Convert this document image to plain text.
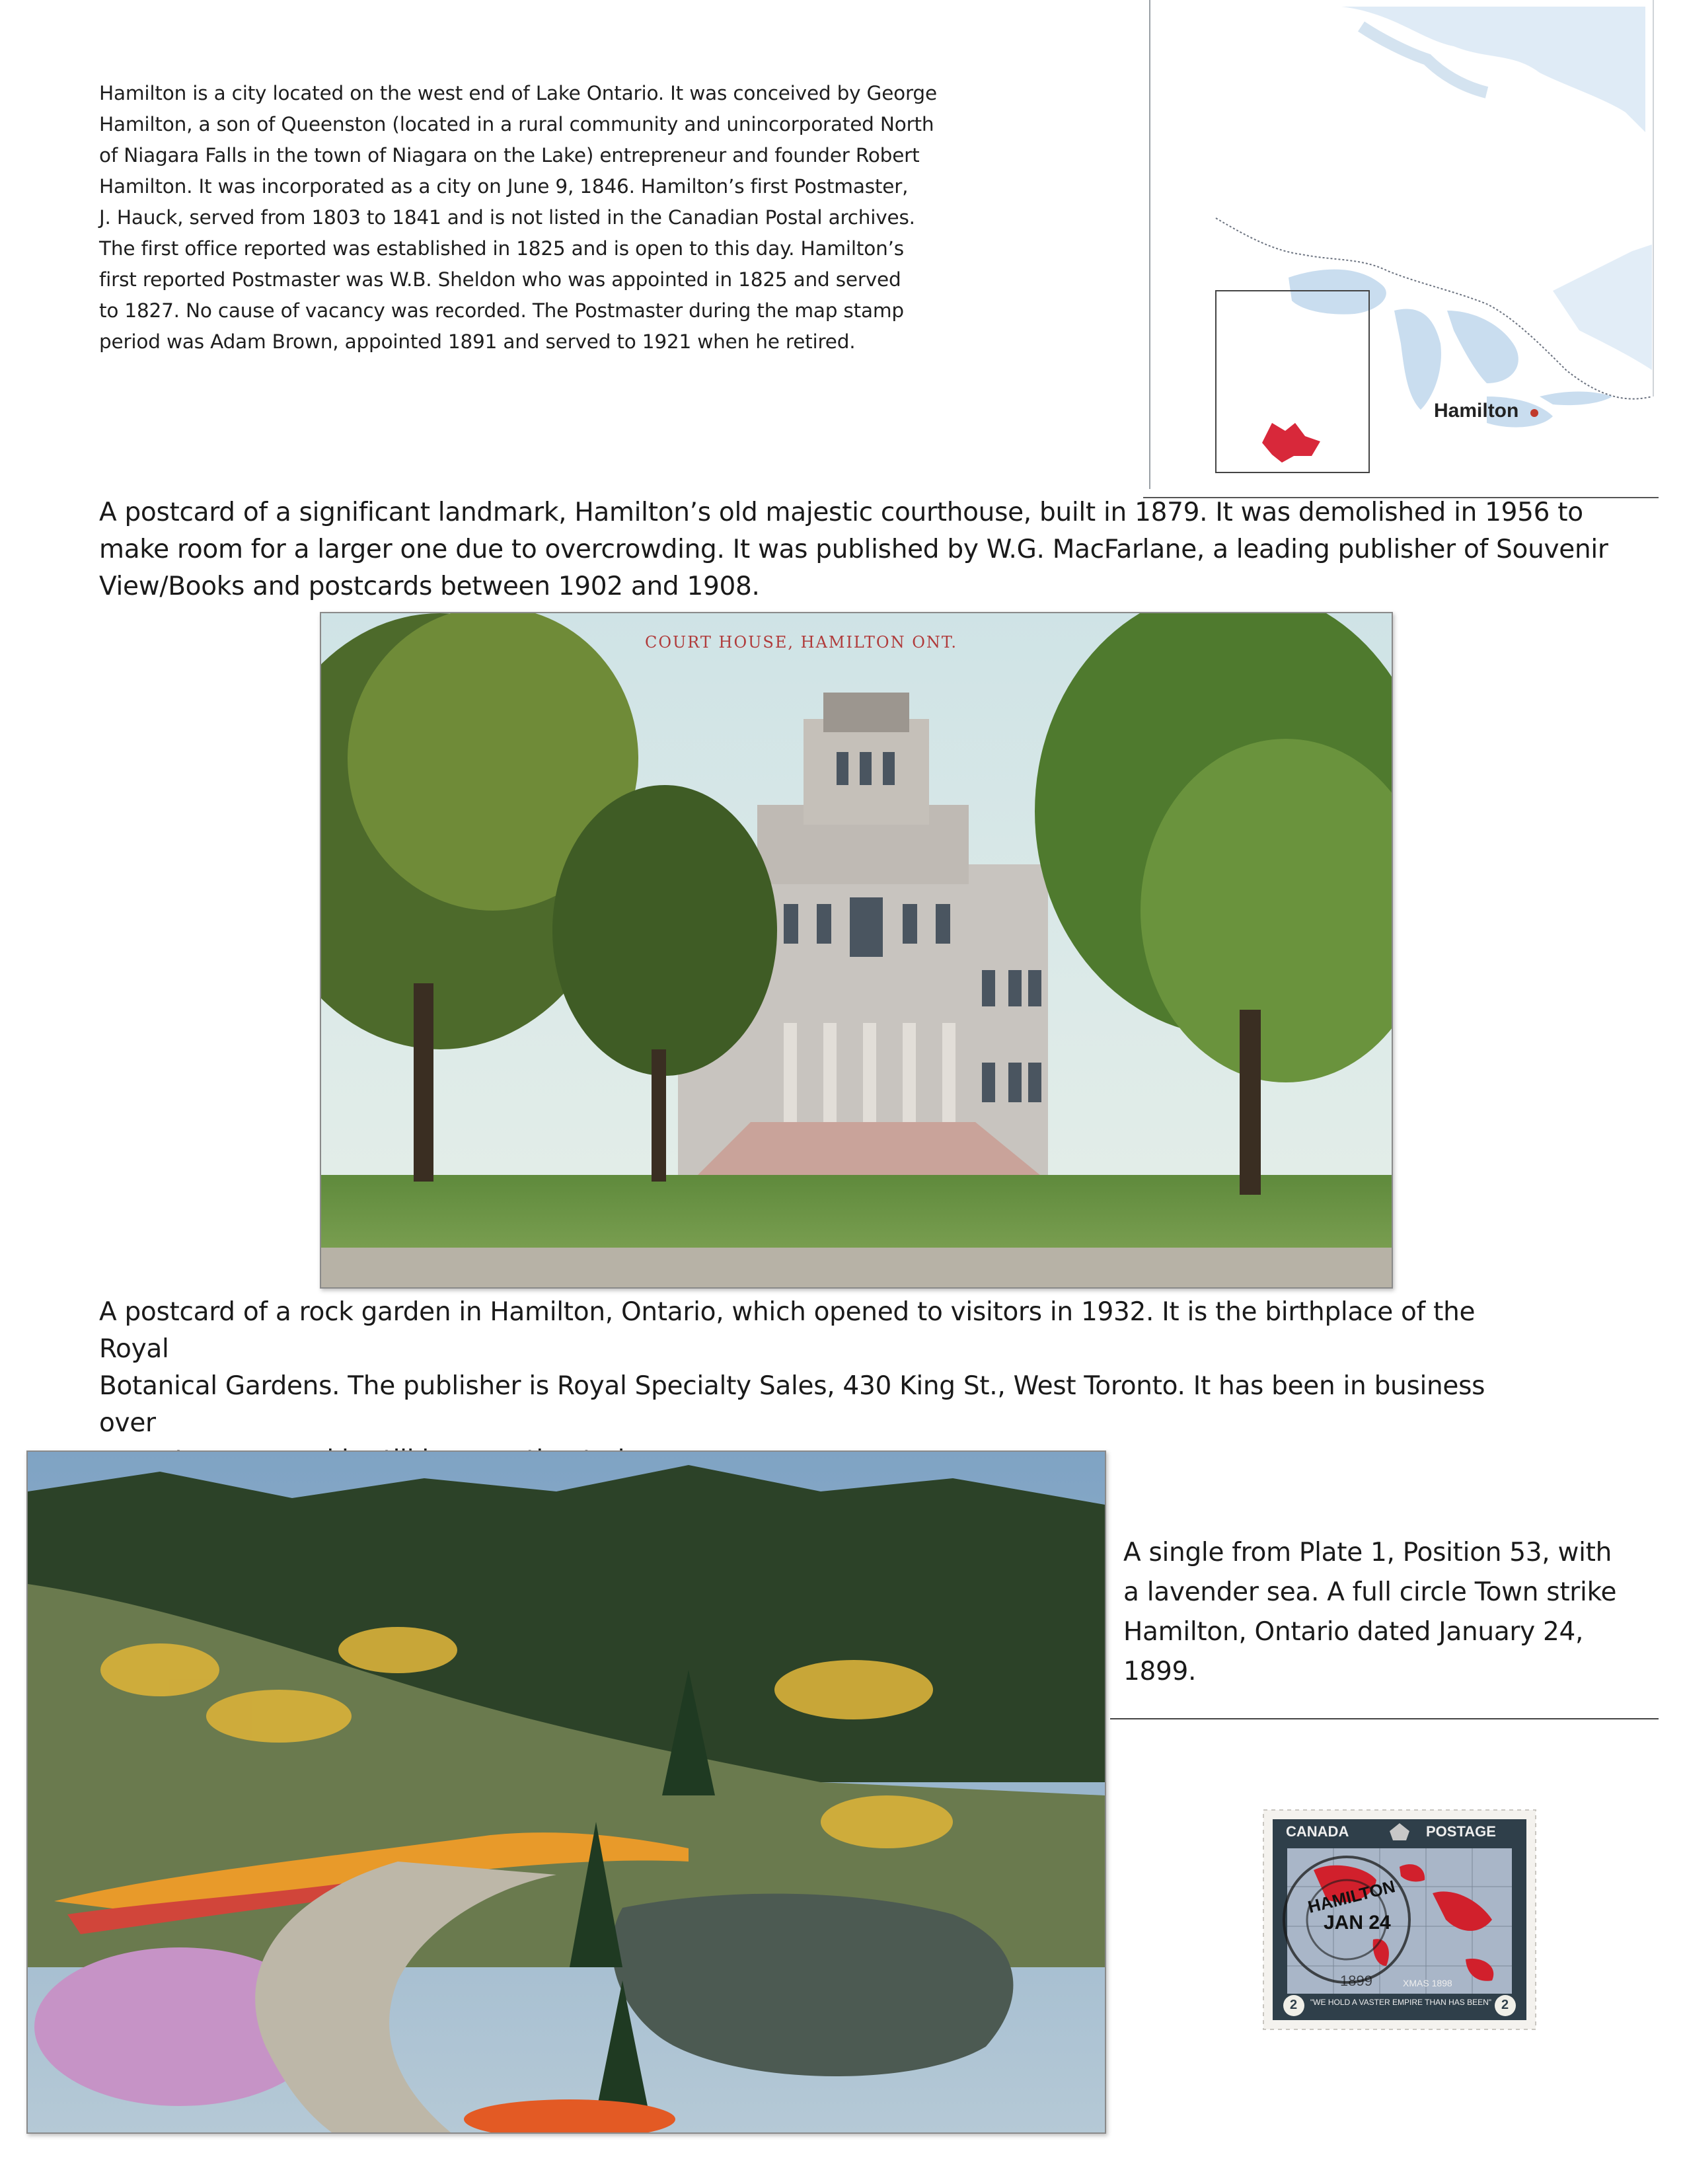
Hamilton is a city located on the west end of Lake Ontario. It was conceived by George
Hamilton, a son of Queenston (located in a rural community and unincorporated North
of Niagara Falls in the town of Niagara on the Lake) entrepreneur and founder Robert
Hamilton. It was incorporated as a city on June 9, 1846. Hamilton’s first Postmaster,
J. Hauck, served from 1803 to 1841 and is not listed in the Canadian Postal archives.
The first office reported was established in 1825 and is open to this day. Hamilton’s
first reported Postmaster was W.B. Sheldon who was appointed in 1825 and served
to 1827. No cause of vacancy was recorded. The Postmaster during the map stamp
period was Adam Brown, appointed 1891 and served to 1921 when he retired.
Hamilton
A postcard of a significant landmark, Hamilton’s old majestic courthouse, built in 1879. It was demolished in 1956 to
make room for a larger one due to overcrowding. It was published by W.G. MacFarlane, a leading publisher of Souvenir
View/Books and postcards between 1902 and 1908.
COURT HOUSE, HAMILTON ONT.
A postcard of a rock garden in Hamilton, Ontario, which opened to visitors in 1932. It is the birthplace of the Royal
Botanical Gardens. The publisher is Royal Specialty Sales, 430 King St., West Toronto. It has been in business over
A single from Plate 1, Position 53, with
a lavender sea. A full circle Town strike
Hamilton, Ontario dated January 24,
1899.
CANADA	POSTAGE
HAMILTON
JAN 24
1899	XMAS 1898
"WE HOLD A VASTER EMPIRE THAN HAS BEEN"
2	2
